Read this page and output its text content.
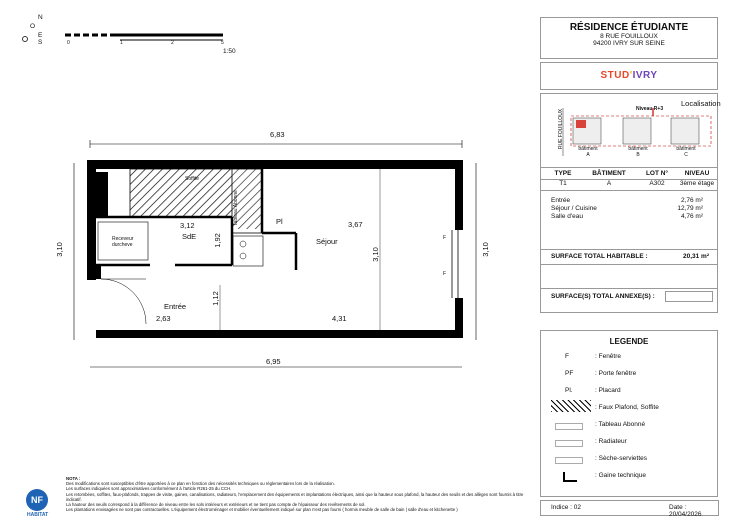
N
O
E
S	0	1	2	5
1:50
6,83
6,95
3,10	3,10
3,12
SdE 1,92
Pl	3,67
Séjour
3,10
1,12
Entrée
2,63	4,31
Soffite
Tableau Abonné
Receveur
durcheve
F
F
RÉSIDENCE ÉTUDIANTE
8 RUE FOUILLOUX
94200 IVRY SUR SEINE
STUD'IVRY
Localisation
Niveau R+3
RUE FOUILLOUX	bâtiment
A
bâtiment
B
bâtiment
C
TYPE	BÂTIMENT	LOT N°	NIVEAU
T1	A	A302	3ème étage
Entrée	2,76 m²
Séjour / Cuisine	12,79 m²
Salle d'eau	4,76 m²
SURFACE TOTAL HABITABLE :	20,31 m²
SURFACE(S) TOTAL ANNEXE(S) :
LEGENDE
F	: Fenêtre
PF	: Porte fenêtre
Pl.	: Placard
: Faux Plafond, Soffite
: Tableau Abonné
: Radiateur
: Sèche-serviettes
: Gaine technique
NF
HABITAT
NOTA :
Des modifications sont susceptibles d'être apportées à ce plan en fonction des nécessités techniques ou réglementaires lors de la réalisation.
Les surfaces indiquées sont approximatives conformément à l'article R261-25 du CCH.
Les retombées, soffites, faux-plafonds, trappes de visite, gaines, canalisations, radiateurs, l'emplacement des équipements et implantations électriques, ainsi que la hauteur sous plafond, la hauteur des seuils et des allèges sont fournis à titre indicatif.
La hauteur des seuils correspond à la différence de niveau entre les sols intérieurs et extérieurs et ne tient pas compte de l'épaisseur des revêtements de sol.
Les plantations envisagées ne sont pas contractuelles. L'équipement électroménager et mobilier éventuellement indiqué sur plan n'est pas fourni ( hormis meuble de salle de bain | salle d'eau et kitchenette )	Indice : 02	Date : 20/04/2026
